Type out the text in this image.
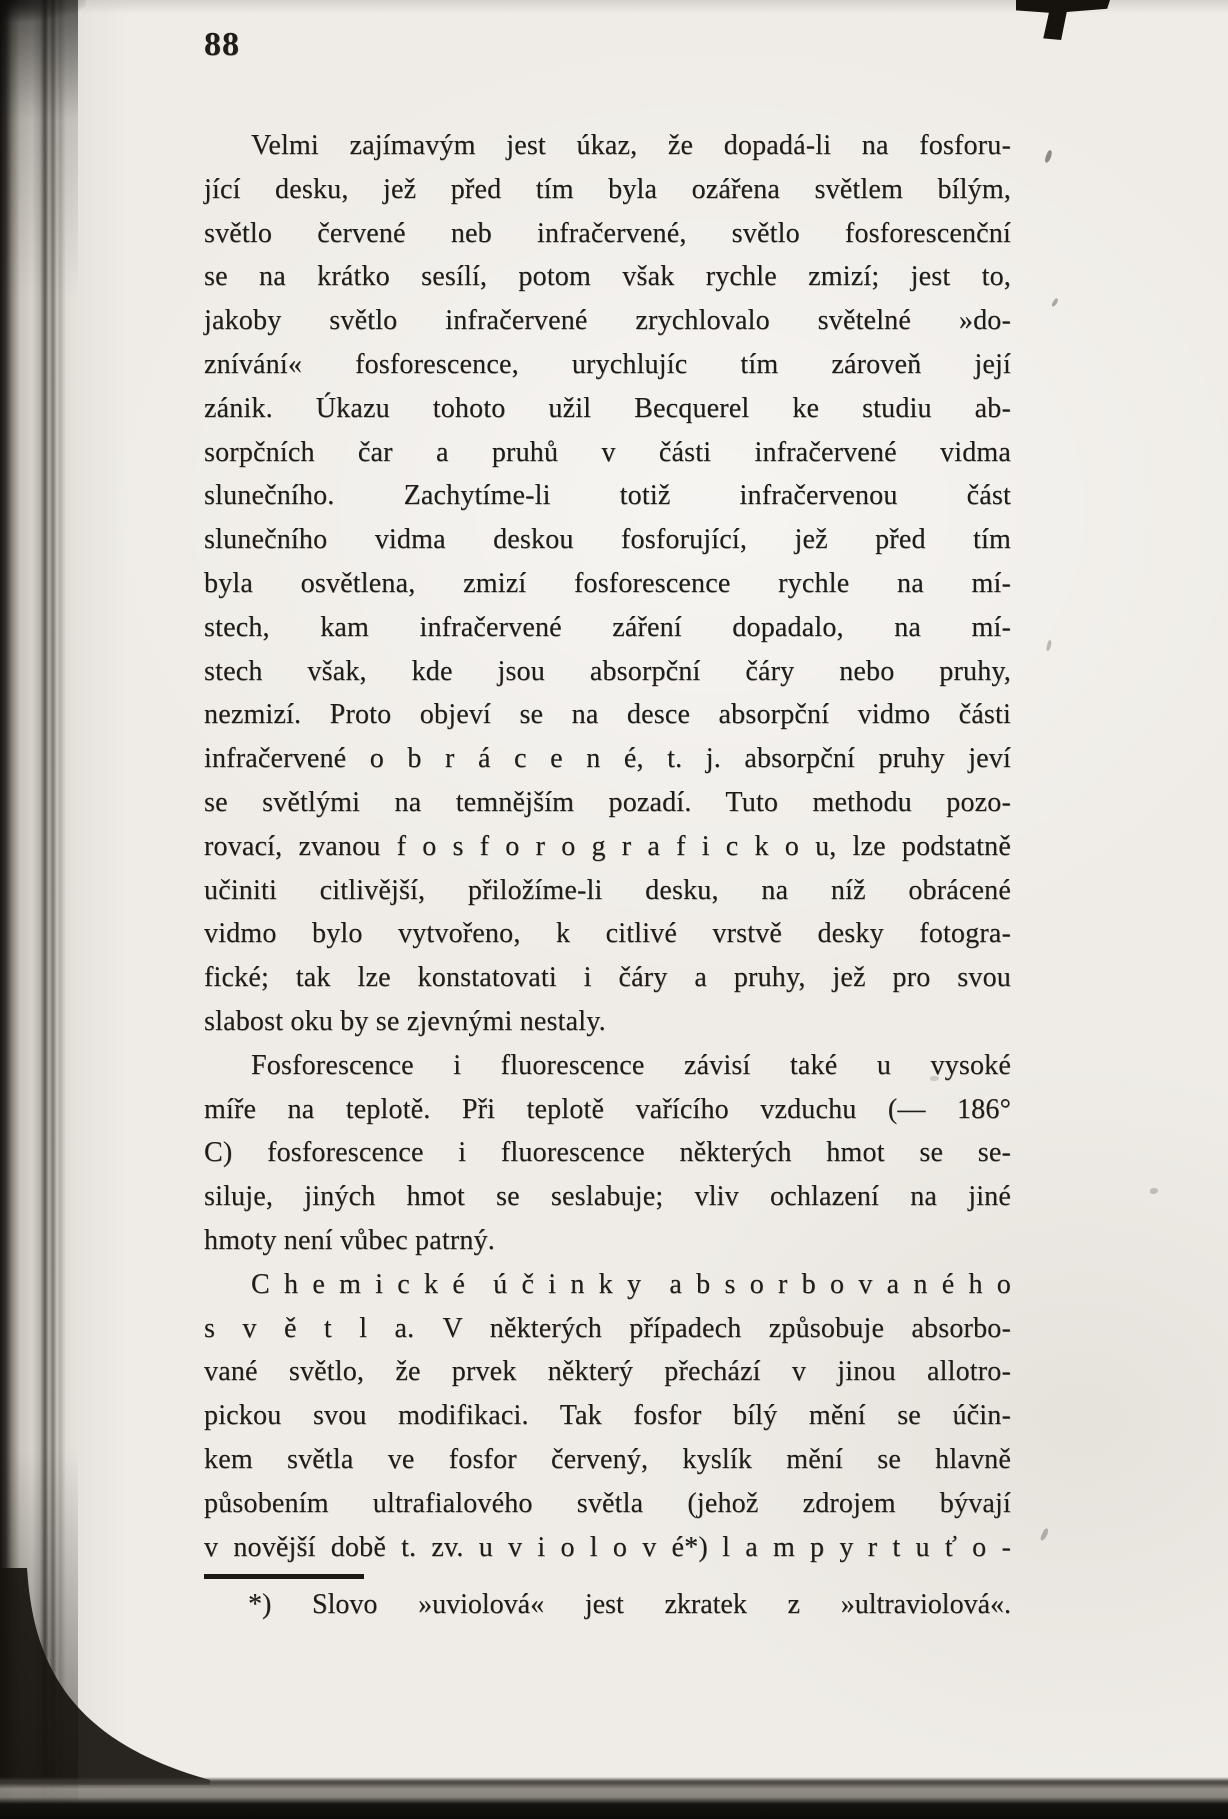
88
Velmi zajímavým jest úkaz, že dopadá-li na fosforu-
jící desku, jež před tím byla ozářena světlem bílým,
světlo červené neb infračervené, světlo fosforescenční
se na krátko sesílí, potom však rychle zmizí; jest to,
jakoby světlo infračervené zrychlovalo světelné »do-
znívání« fosforescence, urychlujíc tím zároveň její
zánik. Úkazu tohoto užil Becquerel ke studiu ab-
sorpčních čar a pruhů v části infračervené vidma
slunečního. Zachytíme-li totiž infračervenou část
slunečního vidma deskou fosforující, jež před tím
byla osvětlena, zmizí fosforescence rychle na mí-
stech, kam infračervené záření dopadalo, na mí-
stech však, kde jsou absorpční čáry nebo pruhy,
nezmizí. Proto objeví se na desce absorpční vidmo části
infračervené o b r á c e n é, t. j. absorpční pruhy jeví
se světlými na temnějším pozadí. Tuto methodu pozo-
rovací, zvanou f o s f o r o g r a f i c k o u, lze podstatně
učiniti citlivější, přiložíme-li desku, na níž obrácené
vidmo bylo vytvořeno, k citlivé vrstvě desky fotogra-
fické; tak lze konstatovati i čáry a pruhy, jež pro svou
slabost oku by se zjevnými nestaly.
Fosforescence i fluorescence závisí také u vysoké
míře na teplotě. Při teplotě vařícího vzduchu (— 186°
C) fosforescence i fluorescence některých hmot se se-
siluje, jiných hmot se seslabuje; vliv ochlazení na jiné
hmoty není vůbec patrný.
C h e m i c k é ú č i n k y a b s o r b o v a n é h o
s v ě t l a. V některých případech způsobuje absorbo-
vané světlo, že prvek některý přechází v jinou allotro-
pickou svou modifikaci. Tak fosfor bílý mění se účin-
kem světla ve fosfor červený, kyslík mění se hlavně
působením ultrafialového světla (jehož zdrojem bývají
v novější době t. zv. u v i o l o v é*) l a m p y r t u ť o -
*) Slovo »uviolová« jest zkratek z »ultraviolová«.
